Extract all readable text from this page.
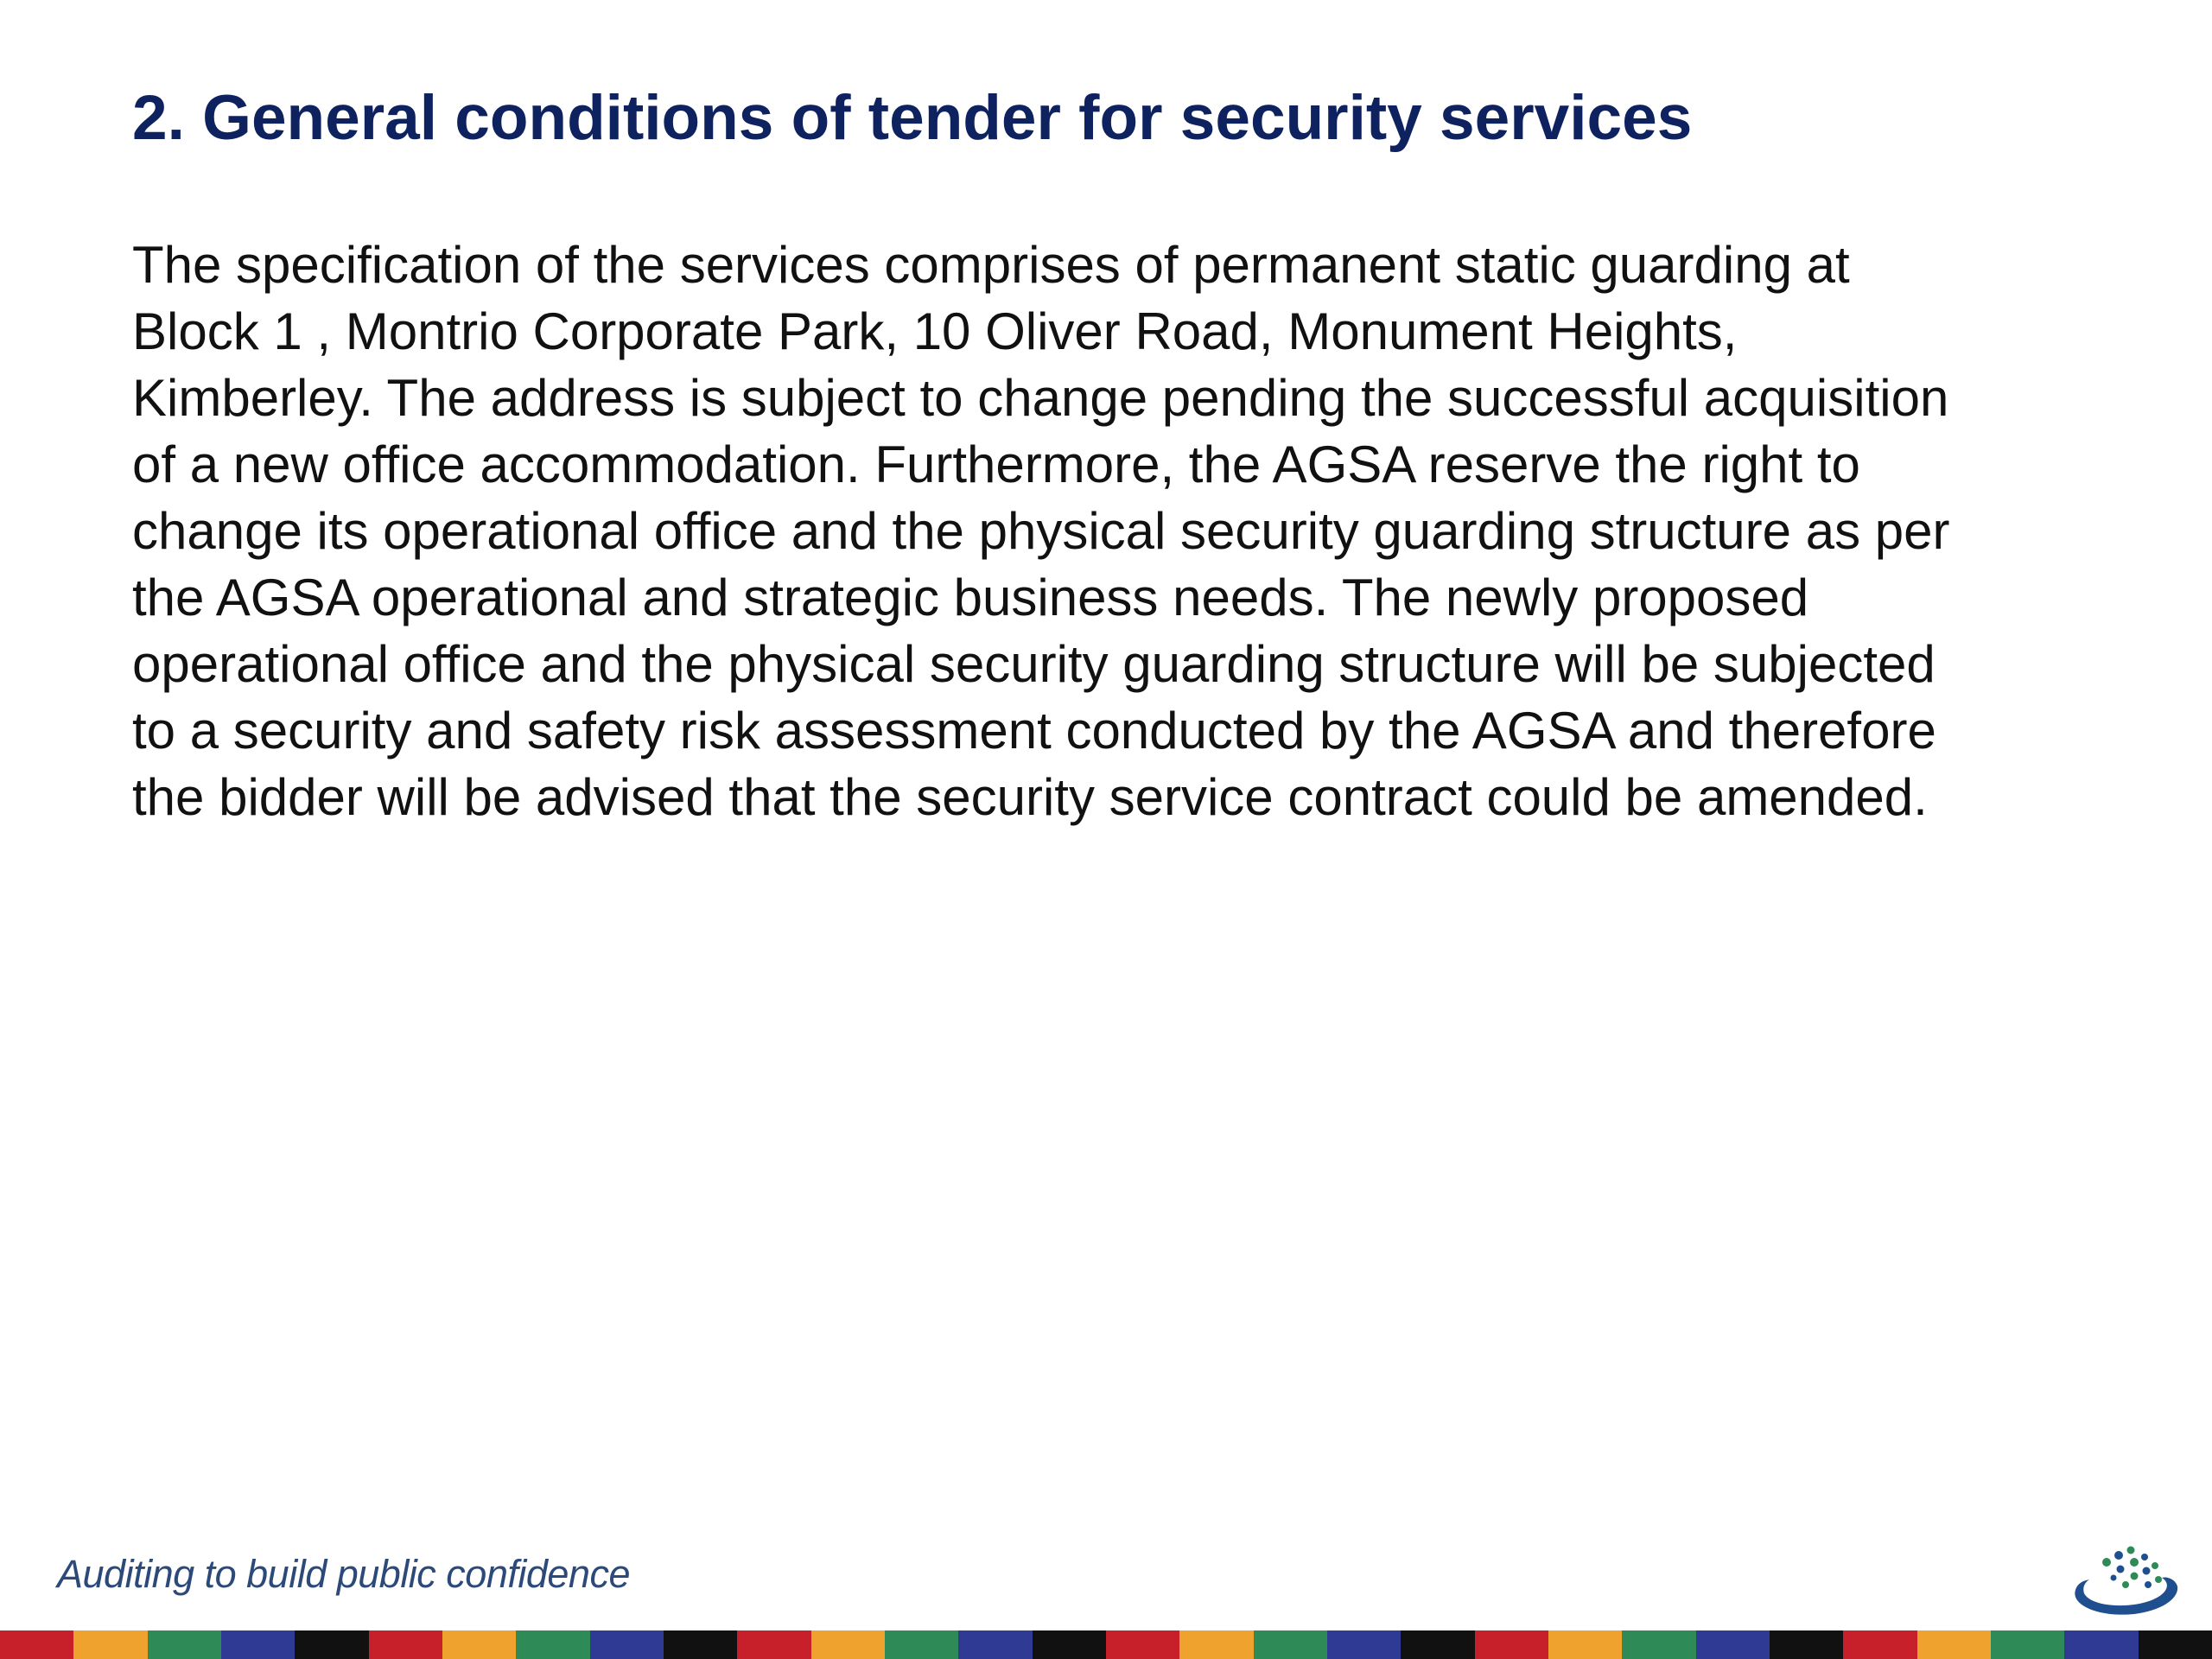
2. General conditions of tender for security services
The specification of the services comprises of permanent static guarding at
Block 1 , Montrio Corporate Park, 10 Oliver Road, Monument Heights,
Kimberley. The address is subject to change pending the successful acquisition
of a new office accommodation. Furthermore, the AGSA reserve the right to
change its operational office and the physical security guarding structure as per
the AGSA operational and strategic business needs. The newly proposed
operational office and the physical security guarding structure will be subjected
to a security and safety risk assessment conducted by the AGSA and therefore
the bidder will be advised that the security service contract could be amended.
Auditing to build public confidence
